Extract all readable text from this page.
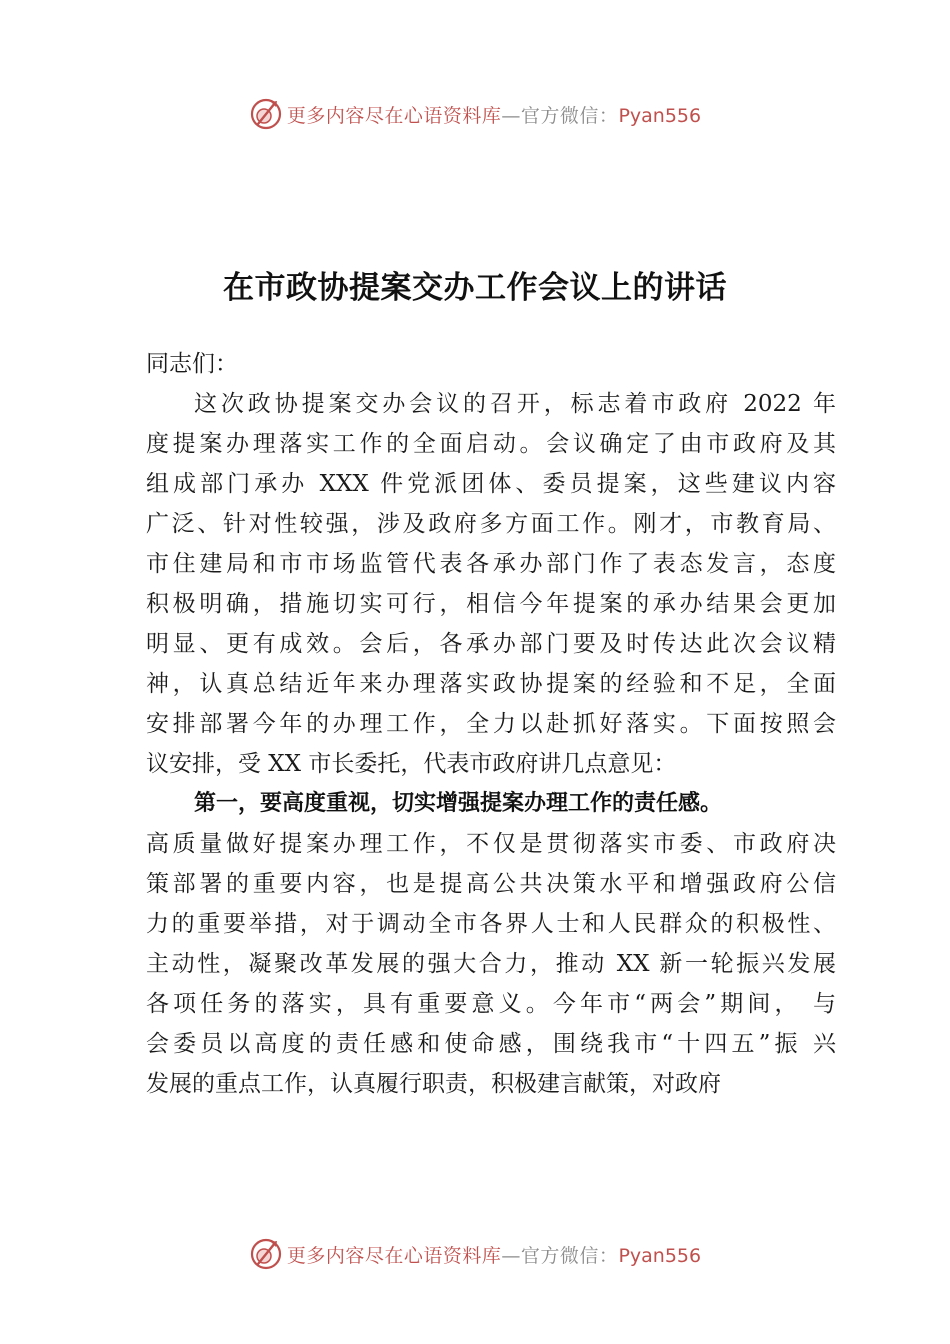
更多内容尽在心语资料库—官方微信：Pyan556
在市政协提案交办工作会议上的讲话
同志们：

这次政协提案交办会议的召开，标志着市政府 2022 年
度提案办理落实工作的全面启动。会议确定了由市政府及其
组成部门承办 XXX 件党派团体、委员提案，这些建议内容
广泛、针对性较强，涉及政府多方面工作。刚才，市教育局、
市住建局和市市场监管代表各承办部门作了表态发言，态度
积极明确，措施切实可行，相信今年提案的承办结果会更加
明显、更有成效。会后，各承办部门要及时传达此次会议精
神，认真总结近年来办理落实政协提案的经验和不足，全面
安排部署今年的办理工作，全力以赴抓好落实。下面按照会
议安排，受 XX 市长委托，代表市政府讲几点意见：

第一，要高度重视，切实增强提案办理工作的责任感。

高质量做好提案办理工作，不仅是贯彻落实市委、市政府决
策部署的重要内容，也是提高公共决策水平和增强政府公信
力的重要举措，对于调动全市各界人士和人民群众的积极性、
主动性，凝聚改革发展的强大合力，推动 XX 新一轮振兴发展
各项任务的落实，具有重要意义。今年市“两会”期间， 与
会委员以高度的责任感和使命感，围绕我市“十四五”振 兴
发展的重点工作，认真履行职责，积极建言献策，对政府

更多内容尽在心语资料库—官方微信：Pyan556
